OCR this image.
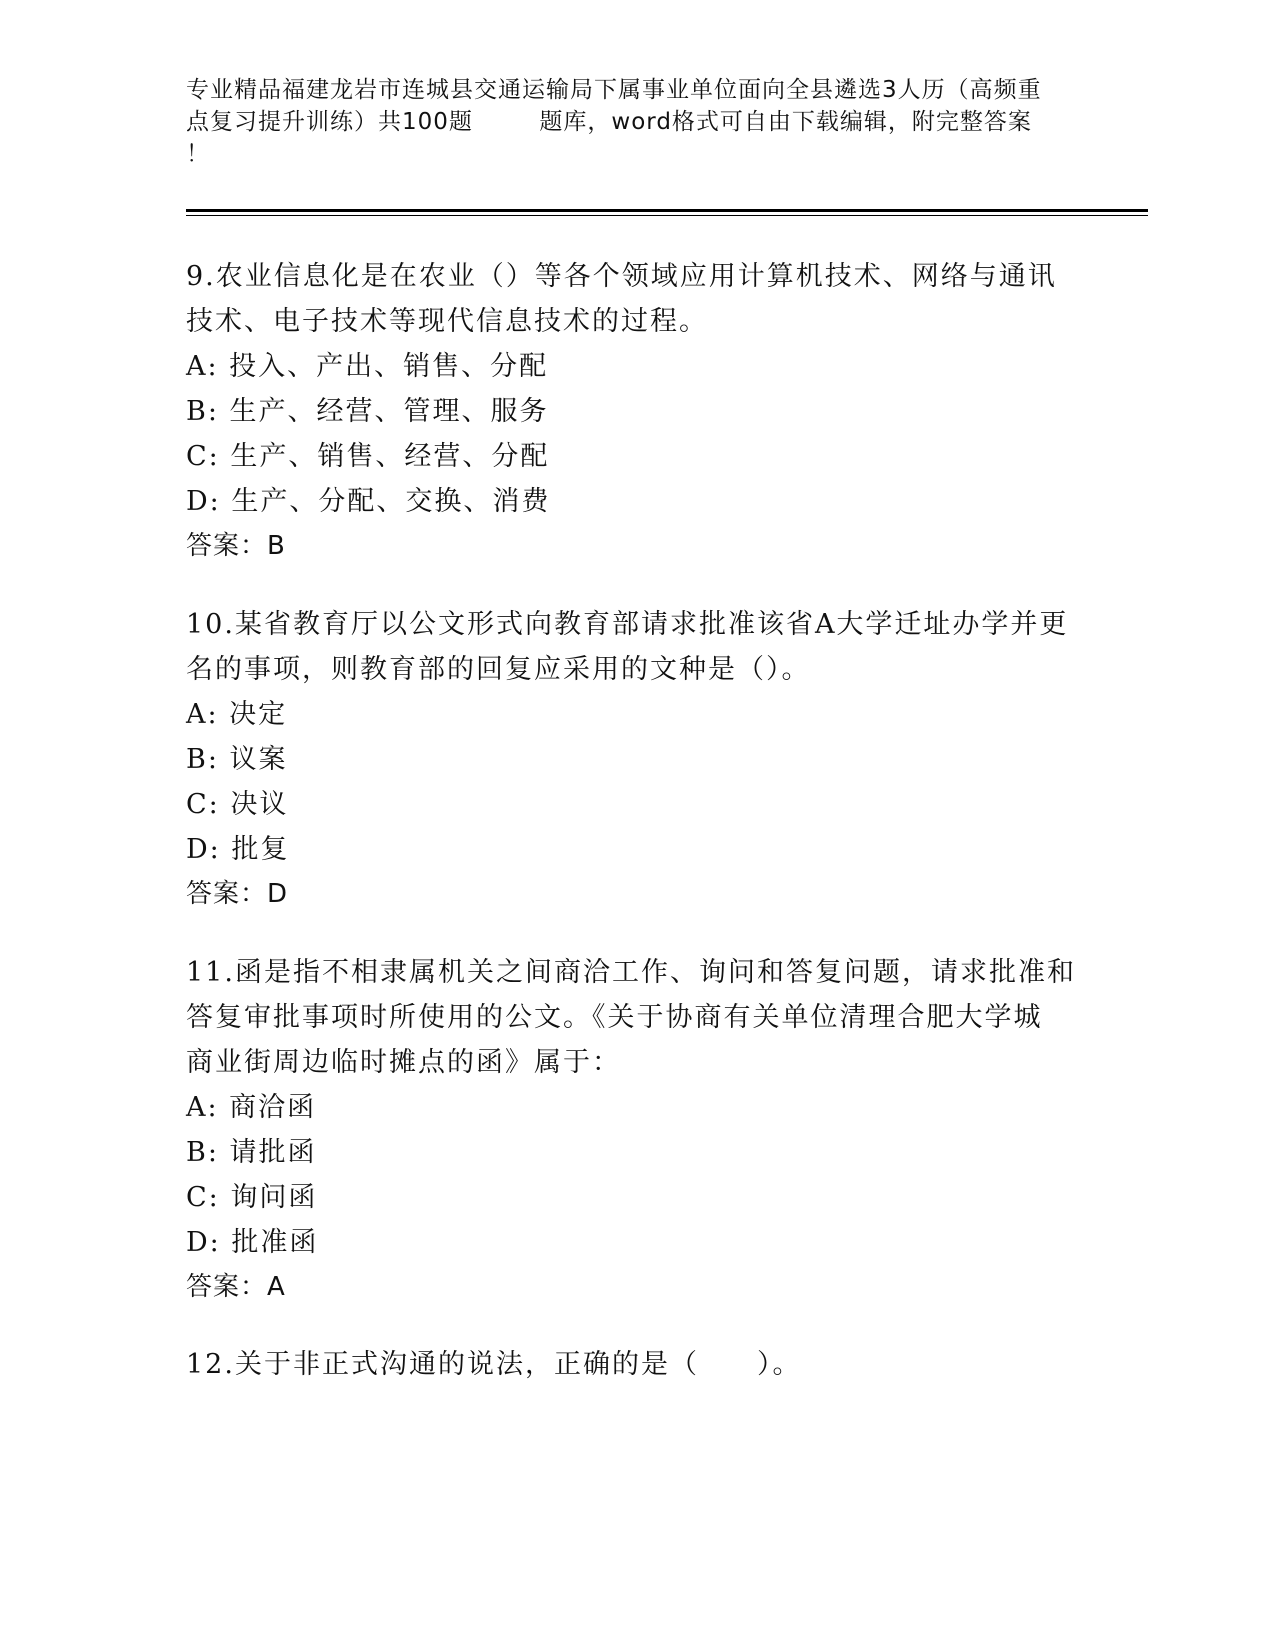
专业精品福建龙岩市连城县交通运输局下属事业单位面向全县遴选3人历（高频重
点复习提升训练）共100题        题库，word格式可自由下载编辑，附完整答案
！
9.农业信息化是在农业（）等各个领域应用计算机技术、网络与通讯
技术、电子技术等现代信息技术的过程。
A: 投入、产出、销售、分配
B: 生产、经营、管理、服务
C: 生产、销售、经营、分配
D: 生产、分配、交换、消费
答案：B
10.某省教育厅以公文形式向教育部请求批准该省A大学迁址办学并更
名的事项，则教育部的回复应采用的文种是（）。
A: 决定
B: 议案
C: 决议
D: 批复
答案：D
11.函是指不相隶属机关之间商洽工作、询问和答复问题，请求批准和
答复审批事项时所使用的公文。《关于协商有关单位清理合肥大学城
商业街周边临时摊点的函》属于：
A: 商洽函
B: 请批函
C: 询问函
D: 批准函
答案：A
12.关于非正式沟通的说法，正确的是（　　）。
